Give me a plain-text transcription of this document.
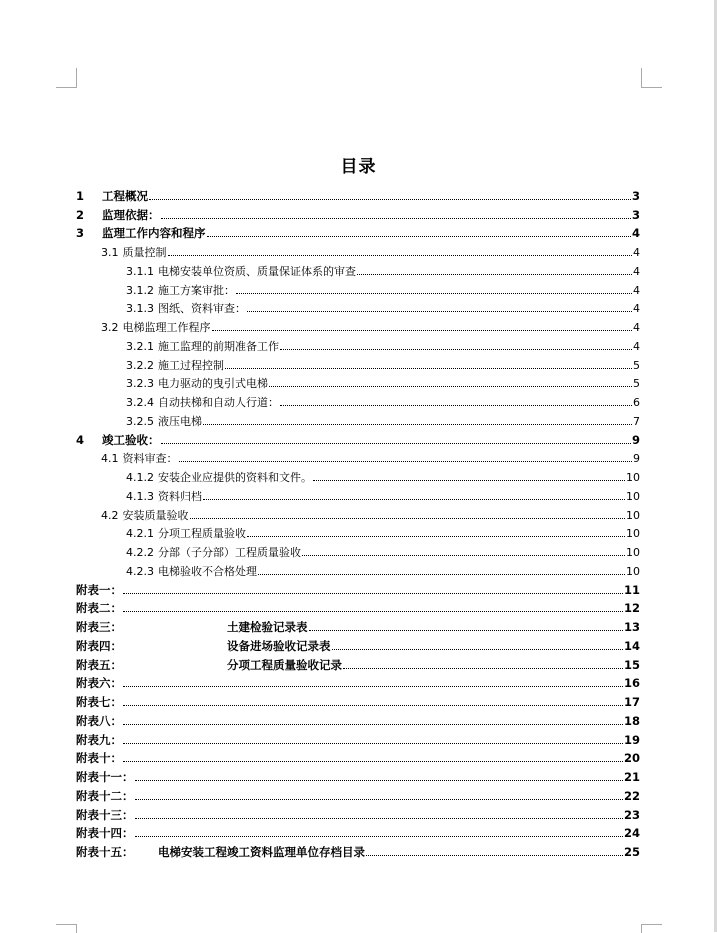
目录
1 工程概况	3
2 监理依据：	3
3 监理工作内容和程序	4
3.1 质量控制	4
3.1.1 电梯安装单位资质、质量保证体系的审查	4
3.1.2 施工方案审批：	4
3.1.3 图纸、资料审查：	4
3.2 电梯监理工作程序	4
3.2.1 施工监理的前期准备工作	4
3.2.2 施工过程控制	5
3.2.3 电力驱动的曳引式电梯	5
3.2.4 自动扶梯和自动人行道：	6
3.2.5 液压电梯	7
4 竣工验收：	9
4.1 资料审查：	9
4.1.2 安装企业应提供的资料和文件。	10
4.1.3 资料归档	10
4.2 安装质量验收	10
4.2.1 分项工程质量验收	10
4.2.2 分部（子分部）工程质量验收	10
4.2.3 电梯验收不合格处理	10
附表一：	11
附表二：	12
附表三：	土建检验记录表	13
附表四：	设备进场验收记录表	14
附表五：	分项工程质量验收记录	15
附表六：	16
附表七：	17
附表八：	18
附表九：	19
附表十：	20
附表十一：	21
附表十二：	22
附表十三：	23
附表十四：	24
附表十五： 电梯安装工程竣工资料监理单位存档目录	25
